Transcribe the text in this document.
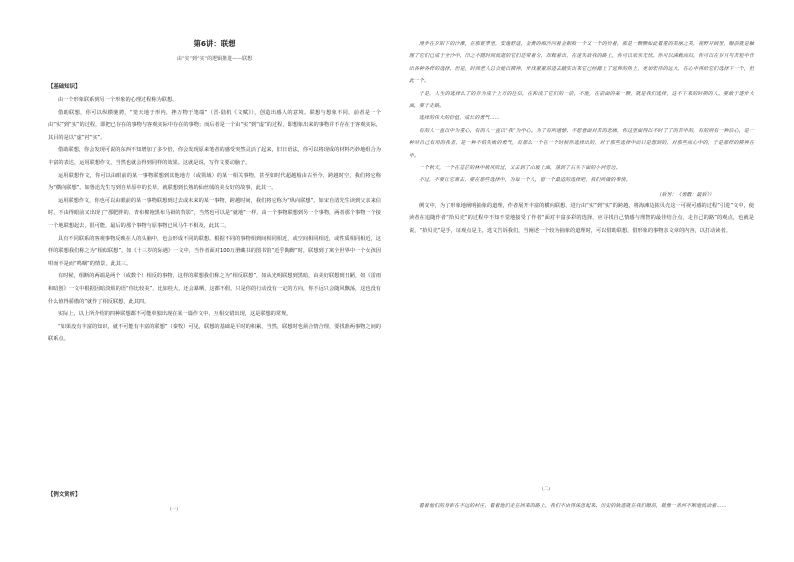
第6讲：联想
由“实”到“实”的逻辑推进——联想
【基础知识】

由一个形象联系到另一个形象的心理过程称为联想。

借助联想，你可以纵横驰骋，“笼天地于形内，挫万物于笔端”（晋·陆机《文赋》），创造出感人的意境。联想与想象不同，前者是一个由“实”到“实”的过程，即把已存在的事物与客观实际中存在的事物；而后者是一个由“实”到“虚”的过程，即想象出来的事物并不存在于客观实际，其目的是以“虚”衬“实”。

借助联想，你会发现可说的东西不知增加了多少倍，你会发现原来笔者的感受突然灵活了起来，旧日语法，你可以将现成的材料巧妙地组合为丰富的表达，运用联想作文，当然也就会得到同样的效果。这就是说，写作文要动脑子。

运用联想作文，你可以由眼前的某一事物联想到其他地方（或领域）的某一相关事物，甚至如时代超越般由古至今，跨越时空，我们将它称为“横向联想”。如鲁迅先生写到自草原中的长草，就联想到长熟的仙丝绒的美女好的故事，此其一。

运用联想作文，你也可以由眼前的某一事物联想到过去或未来的某一事物，跨越时间，我们将它称为“纵向联想”。如宋自清先生读到父亲来信时，不由得眼前又出现了“那肥胖的、青布棉袍黑布马褂的背影”，当然也可以是“就地”一样，由一个事物联想到另一个事物，两者那个事物一个接一个地联想起去，很可能，最后的那个事物与原事物已风马牛不相及，此其二。

具有不同联系的客观事物反映在人的头脑中，也会形成不同的联想。根据不同的事物相到间相同相近，或空间相同相近，或性质相同相近，这样的联想我们称之为“相似联想”。如《十三岁的际遇》一文中，当作者面对100万册藏书的图书馆“近乎陶醉”时，联想到了寓全世界中一个女孩因叩而不是而“鸣咽”的情景，此其三。

有时候，组断的两端是两个（或数个）相反的事物，这样的联想我们称之为“相反联想”，如从光明联想到黑暗，由美好联想到丑陋，如《雷雨和暗创》一文中根据因暗淡烦的语“你比较美”，比如桂大，还会暴晒，这都不假，只是你的行动没有一定的方向，你不远只会随风飘荡，这也没有什么值得骄傲的”就作了相反联想，此其四。

实际上，以上所介绍的四种联想都不可能单独出现在某一篇作文中，互相交错出现，这是联想的常规。

“如果没有丰富的知识，就不可能有丰富的联想”（秦牧）可见，联想的基础是平时的积累，当然，联想时也须合情合理，要找准两事物之间的联系点。

(一)
【例文赏析】

漫步在夕阳下的沙滩，在那夏季里，安逸舒适，金黄的细沙闪着金銀般一个又一个的怜着，那是一颗颗如此看重的美丽之美，视野开阔里，眼前就是触理了它们已成于全沙中，印之不随时间流逝的它们还带着分，却释着出，在迷失故我的路上，你可以欢乐无忧。你可以满载而归，你可以在岁月与苦短中作出各种各样的选择，但是，时间老人总会能以精神，步伐紧紧前进去踏实出来它已经踏上了延伸的热土，更加宏伟的远大，在心中再给它们选择下一个，但此一个。

于是，人生的选择么了的存为成千上万的往信，在和浅了它们的一前，不能，在前面的某一颗，就是我们选择，这不下来的时期的人。要敢于逐步大面，要于走路。

选择的伟大的价值，成长的勇气……

有的人一直以中为重心，有的人一直以“我”为中心。为了有所遗憾，不愿意面对苦的悲痛，你这里面得以不时了了的苦中的，有的则有一种信心，是一种对自己有用的我者，是一种不怕失败的勇气，有那么一个在一个时候你选择出的，对于那些选择中而只是想到的，对那些而心中的，于是那样的精神在中。

一个秋天，一个在苍茫的林中被风吹过，又去到了山坡上面，落到了石头下面的小河旁边。

不过，不要让它离去，要在那些选择中，为每一个人，留一个最适的选择吧，我们所做的事情。

（后另：《勇敢：最后》）

例文中，为了形象地阐明抽象的道理，作者展开丰富的横向联想，进行由“实”到“实”的跨越，将海滩边拣贝壳这一可视可感的过程“引进”文中，使读者在追随作者“拾贝壳”的过程中不知不觉地接受了作者“面对丰富多彩的选择，应寻找自己情感与理智的最佳结合点，走自己的路”的观点，也就是说，“拾贝壳”是手，证观点是主，选文告诉我们，当阐述一个较为抽象的道理时，可以借助联想，借形象的事物亲文章的内容，以打动读者。

(二)

看着他们的身影在不远的村庄，看着他们走在回来的路上，我们不由得深思起来。历史的轨迹就在我们眼前，就像一条河不断地流动着……
